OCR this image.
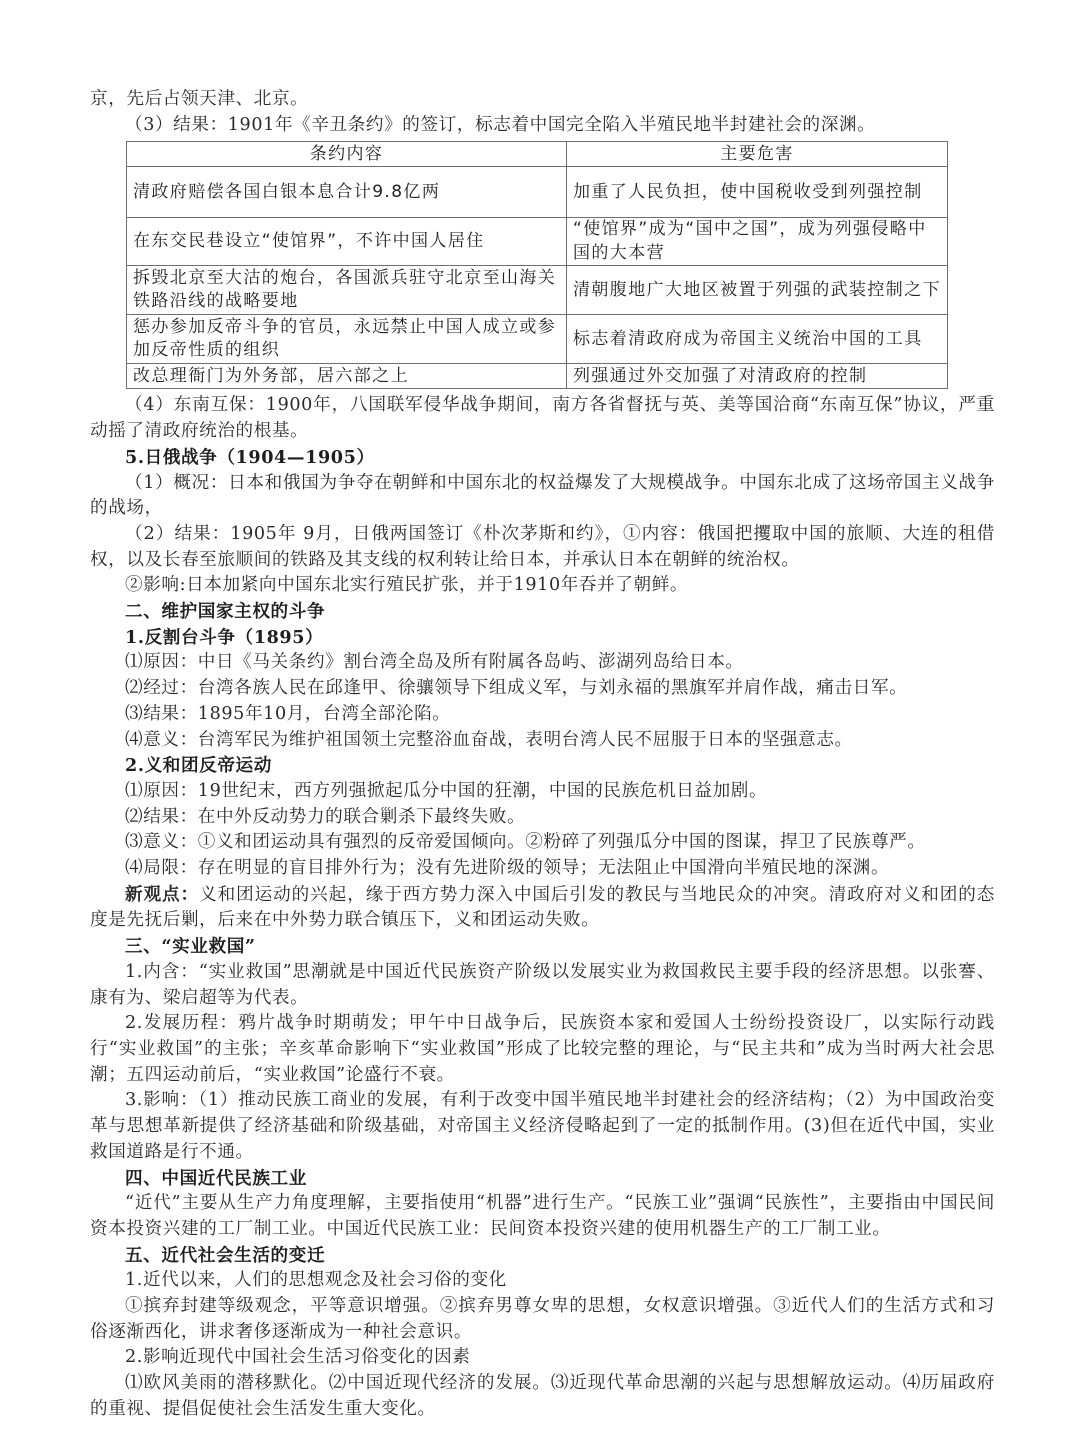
京，先后占领天津、北京。

（3）结果：1901年《辛丑条约》的签订，标志着中国完全陷入半殖民地半封建社会的深渊。

条约内容	主要危害
清政府赔偿各国白银本息合计9.8亿两	加重了人民负担，使中国税收受到列强控制
在东交民巷设立“使馆界”，不许中国人居住	“使馆界”成为“国中之国”，成为列强侵略中国的大本营
拆毁北京至大沽的炮台，各国派兵驻守北京至山海关铁路沿线的战略要地	清朝腹地广大地区被置于列强的武装控制之下
惩办参加反帝斗争的官员，永远禁止中国人成立或参加反帝性质的组织	标志着清政府成为帝国主义统治中国的工具
改总理衙门为外务部，居六部之上	列强通过外交加强了对清政府的控制

（4）东南互保：1900年，八国联军侵华战争期间，南方各省督抚与英、美等国洽商“东南互保”协议，严重动摇了清政府统治的根基。

5.日俄战争（1904—1905）

（1）概况：日本和俄国为争夺在朝鲜和中国东北的权益爆发了大规模战争。中国东北成了这场帝国主义战争的战场，

（2）结果：1905年 9月，日俄两国签订《朴次茅斯和约》，①内容：俄国把攫取中国的旅顺、大连的租借权，以及长春至旅顺间的铁路及其支线的权利转让给日本，并承认日本在朝鲜的统治权。

②影响:日本加紧向中国东北实行殖民扩张，并于1910年吞并了朝鲜。

二、维护国家主权的斗争

1.反割台斗争（1895）

⑴原因：中日《马关条约》割台湾全岛及所有附属各岛屿、澎湖列岛给日本。

⑵经过：台湾各族人民在邱逢甲、徐骧领导下组成义军，与刘永福的黑旗军并肩作战，痛击日军。

⑶结果：1895年10月，台湾全部沦陷。

⑷意义：台湾军民为维护祖国领土完整浴血奋战，表明台湾人民不屈服于日本的坚强意志。

2.义和团反帝运动

⑴原因：19世纪末，西方列强掀起瓜分中国的狂潮，中国的民族危机日益加剧。

⑵结果：在中外反动势力的联合剿杀下最终失败。

⑶意义：①义和团运动具有强烈的反帝爱国倾向。②粉碎了列强瓜分中国的图谋，捍卫了民族尊严。

⑷局限：存在明显的盲目排外行为；没有先进阶级的领导；无法阻止中国滑向半殖民地的深渊。

新观点：义和团运动的兴起，缘于西方势力深入中国后引发的教民与当地民众的冲突。清政府对义和团的态度是先抚后剿，后来在中外势力联合镇压下，义和团运动失败。

三、“实业救国”

1.内含：“实业救国”思潮就是中国近代民族资产阶级以发展实业为救国救民主要手段的经济思想。以张謇、康有为、梁启超等为代表。

2.发展历程：鸦片战争时期萌发；甲午中日战争后，民族资本家和爱国人士纷纷投资设厂，以实际行动践行“实业救国”的主张；辛亥革命影响下“实业救国”形成了比较完整的理论，与“民主共和”成为当时两大社会思潮；五四运动前后，“实业救国”论盛行不衰。

3.影响：（1）推动民族工商业的发展，有利于改变中国半殖民地半封建社会的经济结构；（2）为中国政治变革与思想革新提供了经济基础和阶级基础，对帝国主义经济侵略起到了一定的抵制作用。(3)但在近代中国，实业救国道路是行不通。

四、中国近代民族工业

“近代”主要从生产力角度理解，主要指使用“机器”进行生产。“民族工业”强调“民族性”，主要指由中国民间资本投资兴建的工厂制工业。中国近代民族工业：民间资本投资兴建的使用机器生产的工厂制工业。

五、近代社会生活的变迁

1.近代以来，人们的思想观念及社会习俗的变化

①摈弃封建等级观念，平等意识增强。②摈弃男尊女卑的思想，女权意识增强。③近代人们的生活方式和习俗逐渐西化，讲求奢侈逐渐成为一种社会意识。

2.影响近现代中国社会生活习俗变化的因素

⑴欧风美雨的潜移默化。⑵中国近现代经济的发展。⑶近现代革命思潮的兴起与思想解放运动。⑷历届政府的重视、提倡促使社会生活发生重大变化。
